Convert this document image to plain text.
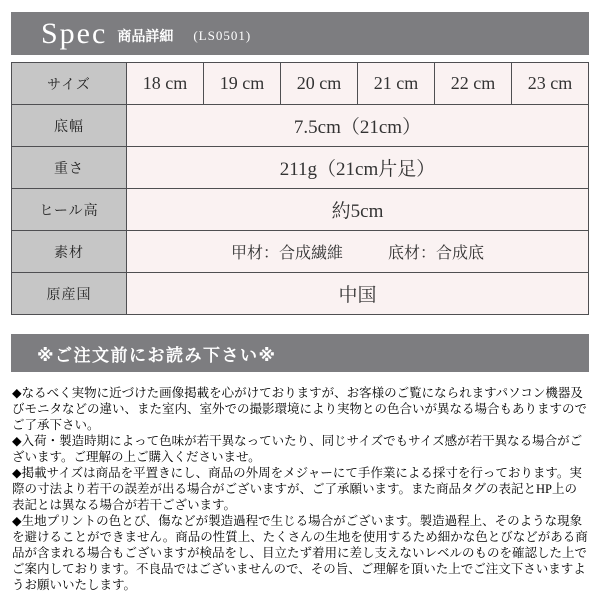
Spec 商品詳細 (LS0501)
サイズ	18 cm	19 cm	20 cm	21 cm	22 cm	23 cm
底幅	7.5cm（21cm）					
重さ	211g（21cm片足）					
ヒール高	約5cm					
素材	甲材：合成繊維 底材：合成底					

原産国	中国					
※ご注文前にお読み下さい※

◆なるべく実物に近づけた画像掲載を心がけておりますが、お客様のご覧になられますパソコン機器及びモニタなどの違い、また室内、室外での撮影環境により実物との色合いが異なる場合もありますのでご了承下さい。

◆入荷・製造時期によって色味が若干異なっていたり、同じサイズでもサイズ感が若干異なる場合がございます。ご理解の上ご購入くださいませ。

◆掲載サイズは商品を平置きにし、商品の外周をメジャーにて手作業による採寸を行っております。実際の寸法より若干の誤差が出る場合がございますが、ご了承願います。また商品タグの表記とHP上の表記とは異なる場合が若干ございます。

◆生地プリントの色とび、傷などが製造過程で生じる場合がございます。製造過程上、そのような現象を避けることができません。商品の性質上、たくさんの生地を使用するため細かな色とびなどがある商品が含まれる場合もございますが検品をし、目立たず着用に差し支えないレベルのものを確認した上でご案内しております。不良品ではございませんので、その旨、ご理解を頂いた上でご注文下さいますようお願いいたします。
